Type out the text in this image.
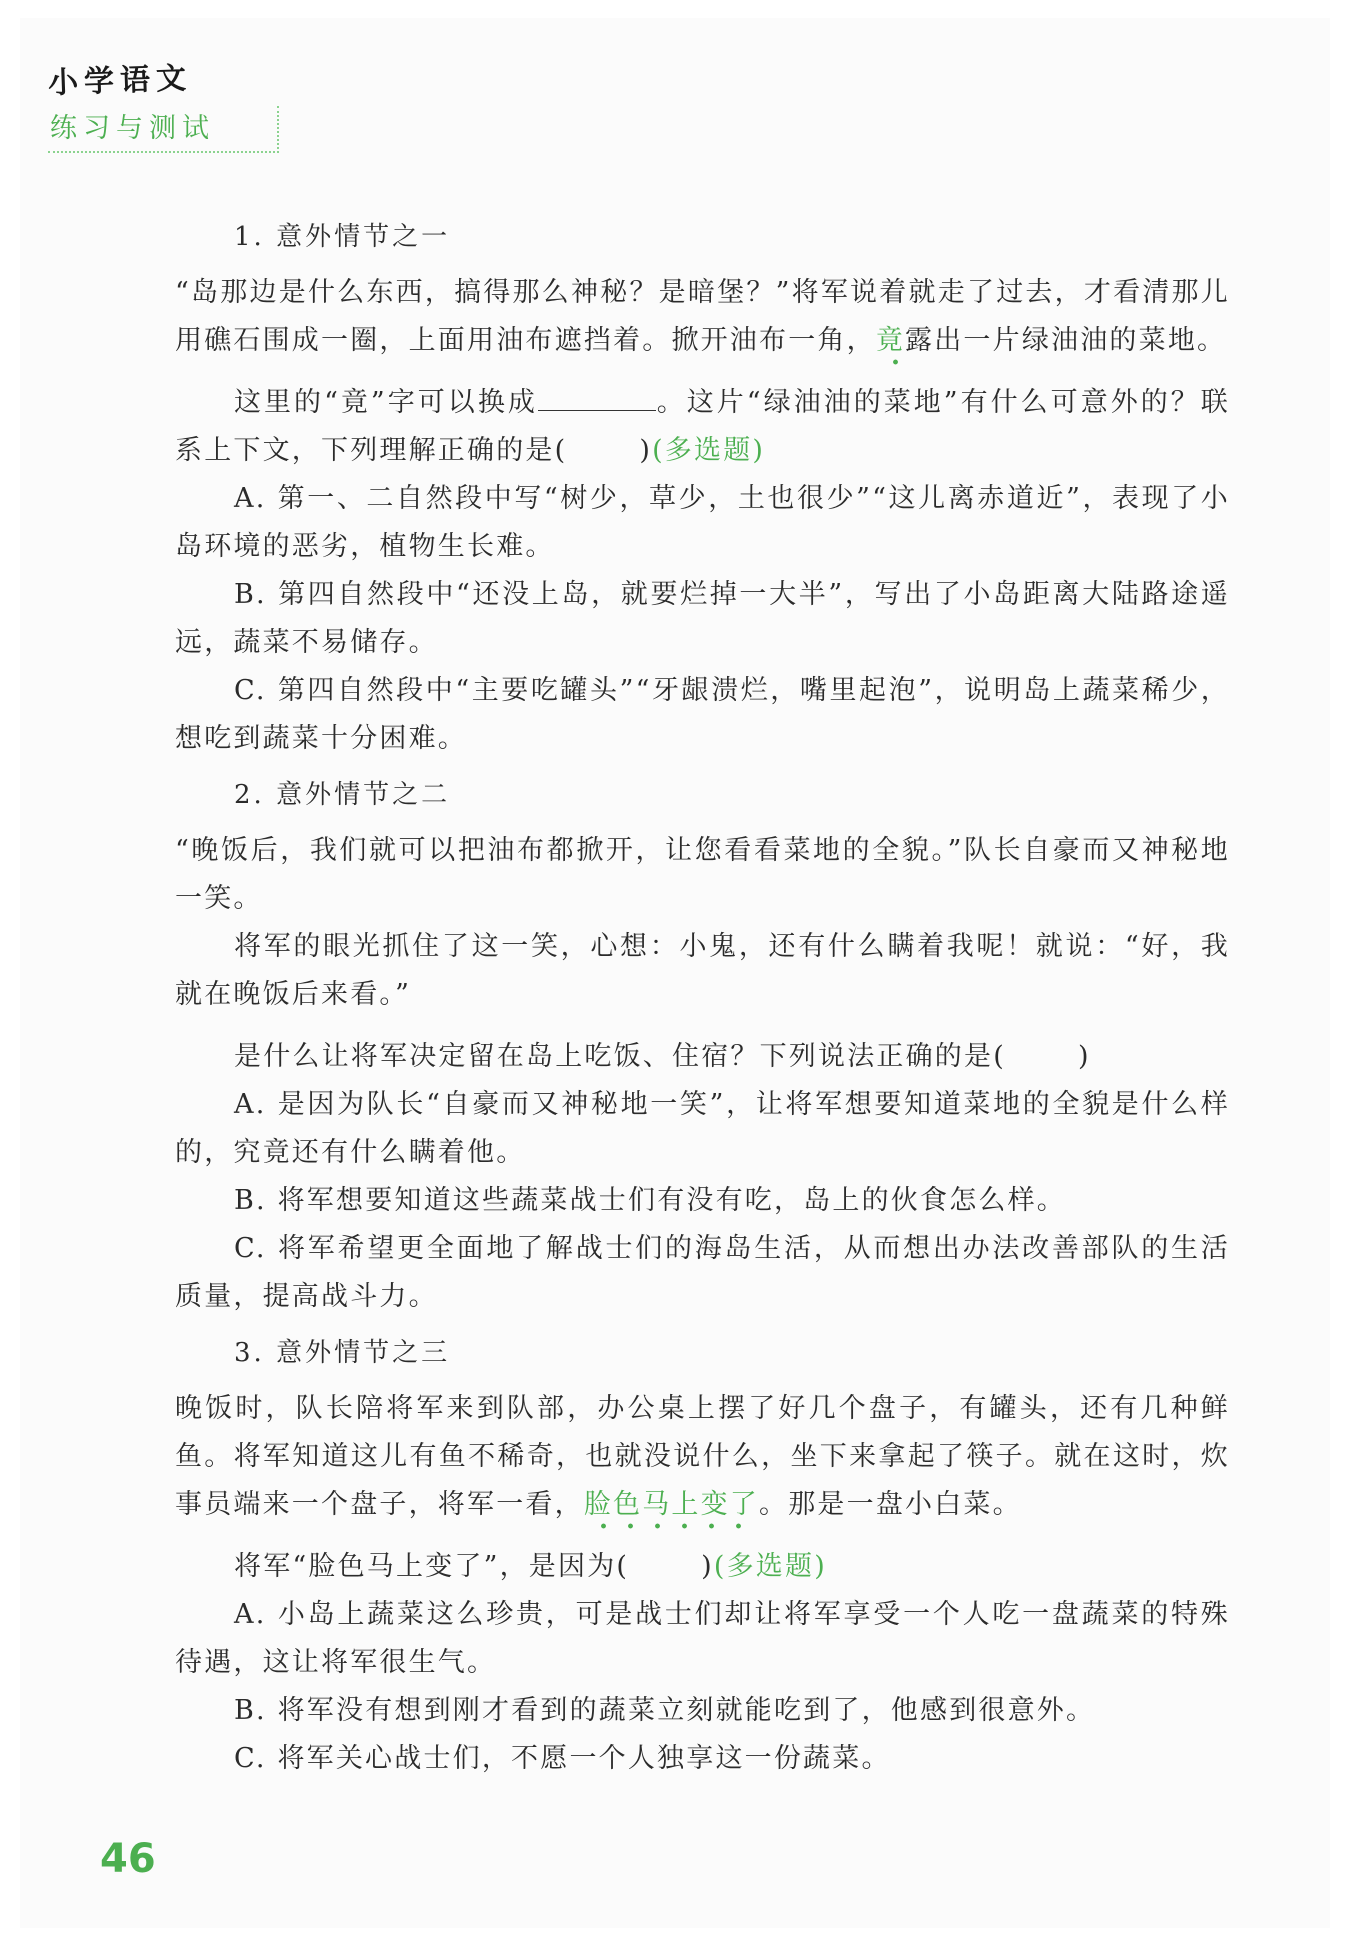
小学语文
练习与测试
1. 意外情节之一

“岛那边是什么东西，搞得那么神秘？是暗堡？”将军说着就走了过去，才看清那儿用礁石围成一圈，上面用油布遮挡着。掀开油布一角，竟露出一片绿油油的菜地。

这里的“竟”字可以换成	。这片“绿油油的菜地”有什么可意外的？联系上下文，下列理解正确的是(	)(多选题)

A. 第一、二自然段中写“树少，草少，土也很少”“这儿离赤道近”，表现了小岛环境的恶劣，植物生长难。

B. 第四自然段中“还没上岛，就要烂掉一大半”，写出了小岛距离大陆路途遥远，蔬菜不易储存。

C. 第四自然段中“主要吃罐头”“牙龈溃烂，嘴里起泡”，说明岛上蔬菜稀少，想吃到蔬菜十分困难。

2. 意外情节之二

“晚饭后，我们就可以把油布都掀开，让您看看菜地的全貌。”队长自豪而又神秘地一笑。

将军的眼光抓住了这一笑，心想：小鬼，还有什么瞒着我呢！就说：“好，我就在晚饭后来看。”

是什么让将军决定留在岛上吃饭、住宿？下列说法正确的是(	)

A. 是因为队长“自豪而又神秘地一笑”，让将军想要知道菜地的全貌是什么样的，究竟还有什么瞒着他。

B. 将军想要知道这些蔬菜战士们有没有吃，岛上的伙食怎么样。

C. 将军希望更全面地了解战士们的海岛生活，从而想出办法改善部队的生活质量，提高战斗力。

3. 意外情节之三

晚饭时，队长陪将军来到队部，办公桌上摆了好几个盘子，有罐头，还有几种鲜鱼。将军知道这儿有鱼不稀奇，也就没说什么，坐下来拿起了筷子。就在这时，炊事员端来一个盘子，将军一看，脸色马上变了。那是一盘小白菜。

将军“脸色马上变了”，是因为(	)(多选题)

A. 小岛上蔬菜这么珍贵，可是战士们却让将军享受一个人吃一盘蔬菜的特殊待遇，这让将军很生气。

B. 将军没有想到刚才看到的蔬菜立刻就能吃到了，他感到很意外。

C. 将军关心战士们，不愿一个人独享这一份蔬菜。

46
